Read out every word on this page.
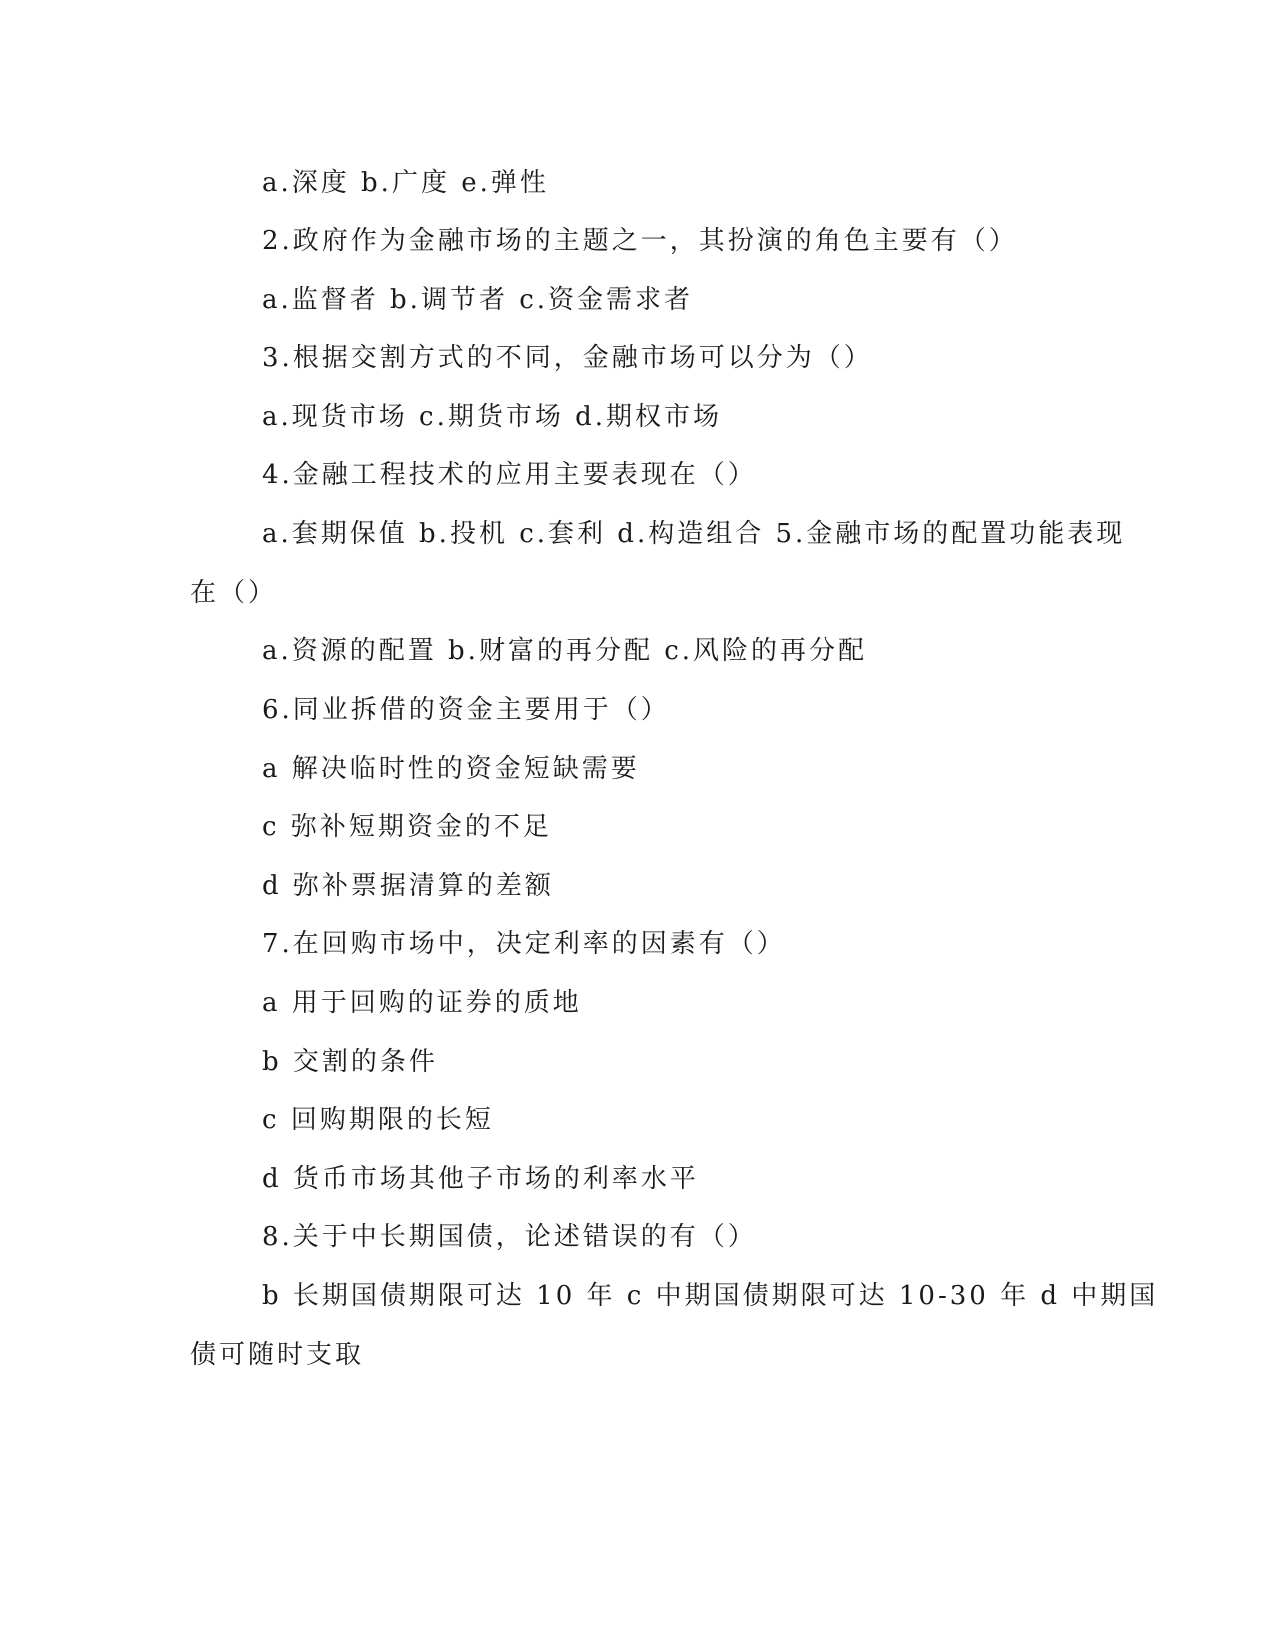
a.深度 b.广度 e.弹性
2.政府作为金融市场的主题之一，其扮演的角色主要有（）
a.监督者 b.调节者 c.资金需求者
3.根据交割方式的不同，金融市场可以分为（）
a.现货市场 c.期货市场 d.期权市场
4.金融工程技术的应用主要表现在（）
a.套期保值 b.投机 c.套利 d.构造组合 5.金融市场的配置功能表现
在（）
a.资源的配置 b.财富的再分配 c.风险的再分配
6.同业拆借的资金主要用于（）
a 解决临时性的资金短缺需要
c 弥补短期资金的不足
d 弥补票据清算的差额
7.在回购市场中，决定利率的因素有（）
a 用于回购的证券的质地
b 交割的条件
c 回购期限的长短
d 货币市场其他子市场的利率水平
8.关于中长期国债，论述错误的有（）
b 长期国债期限可达 10 年 c 中期国债期限可达 10-30 年 d 中期国
债可随时支取
